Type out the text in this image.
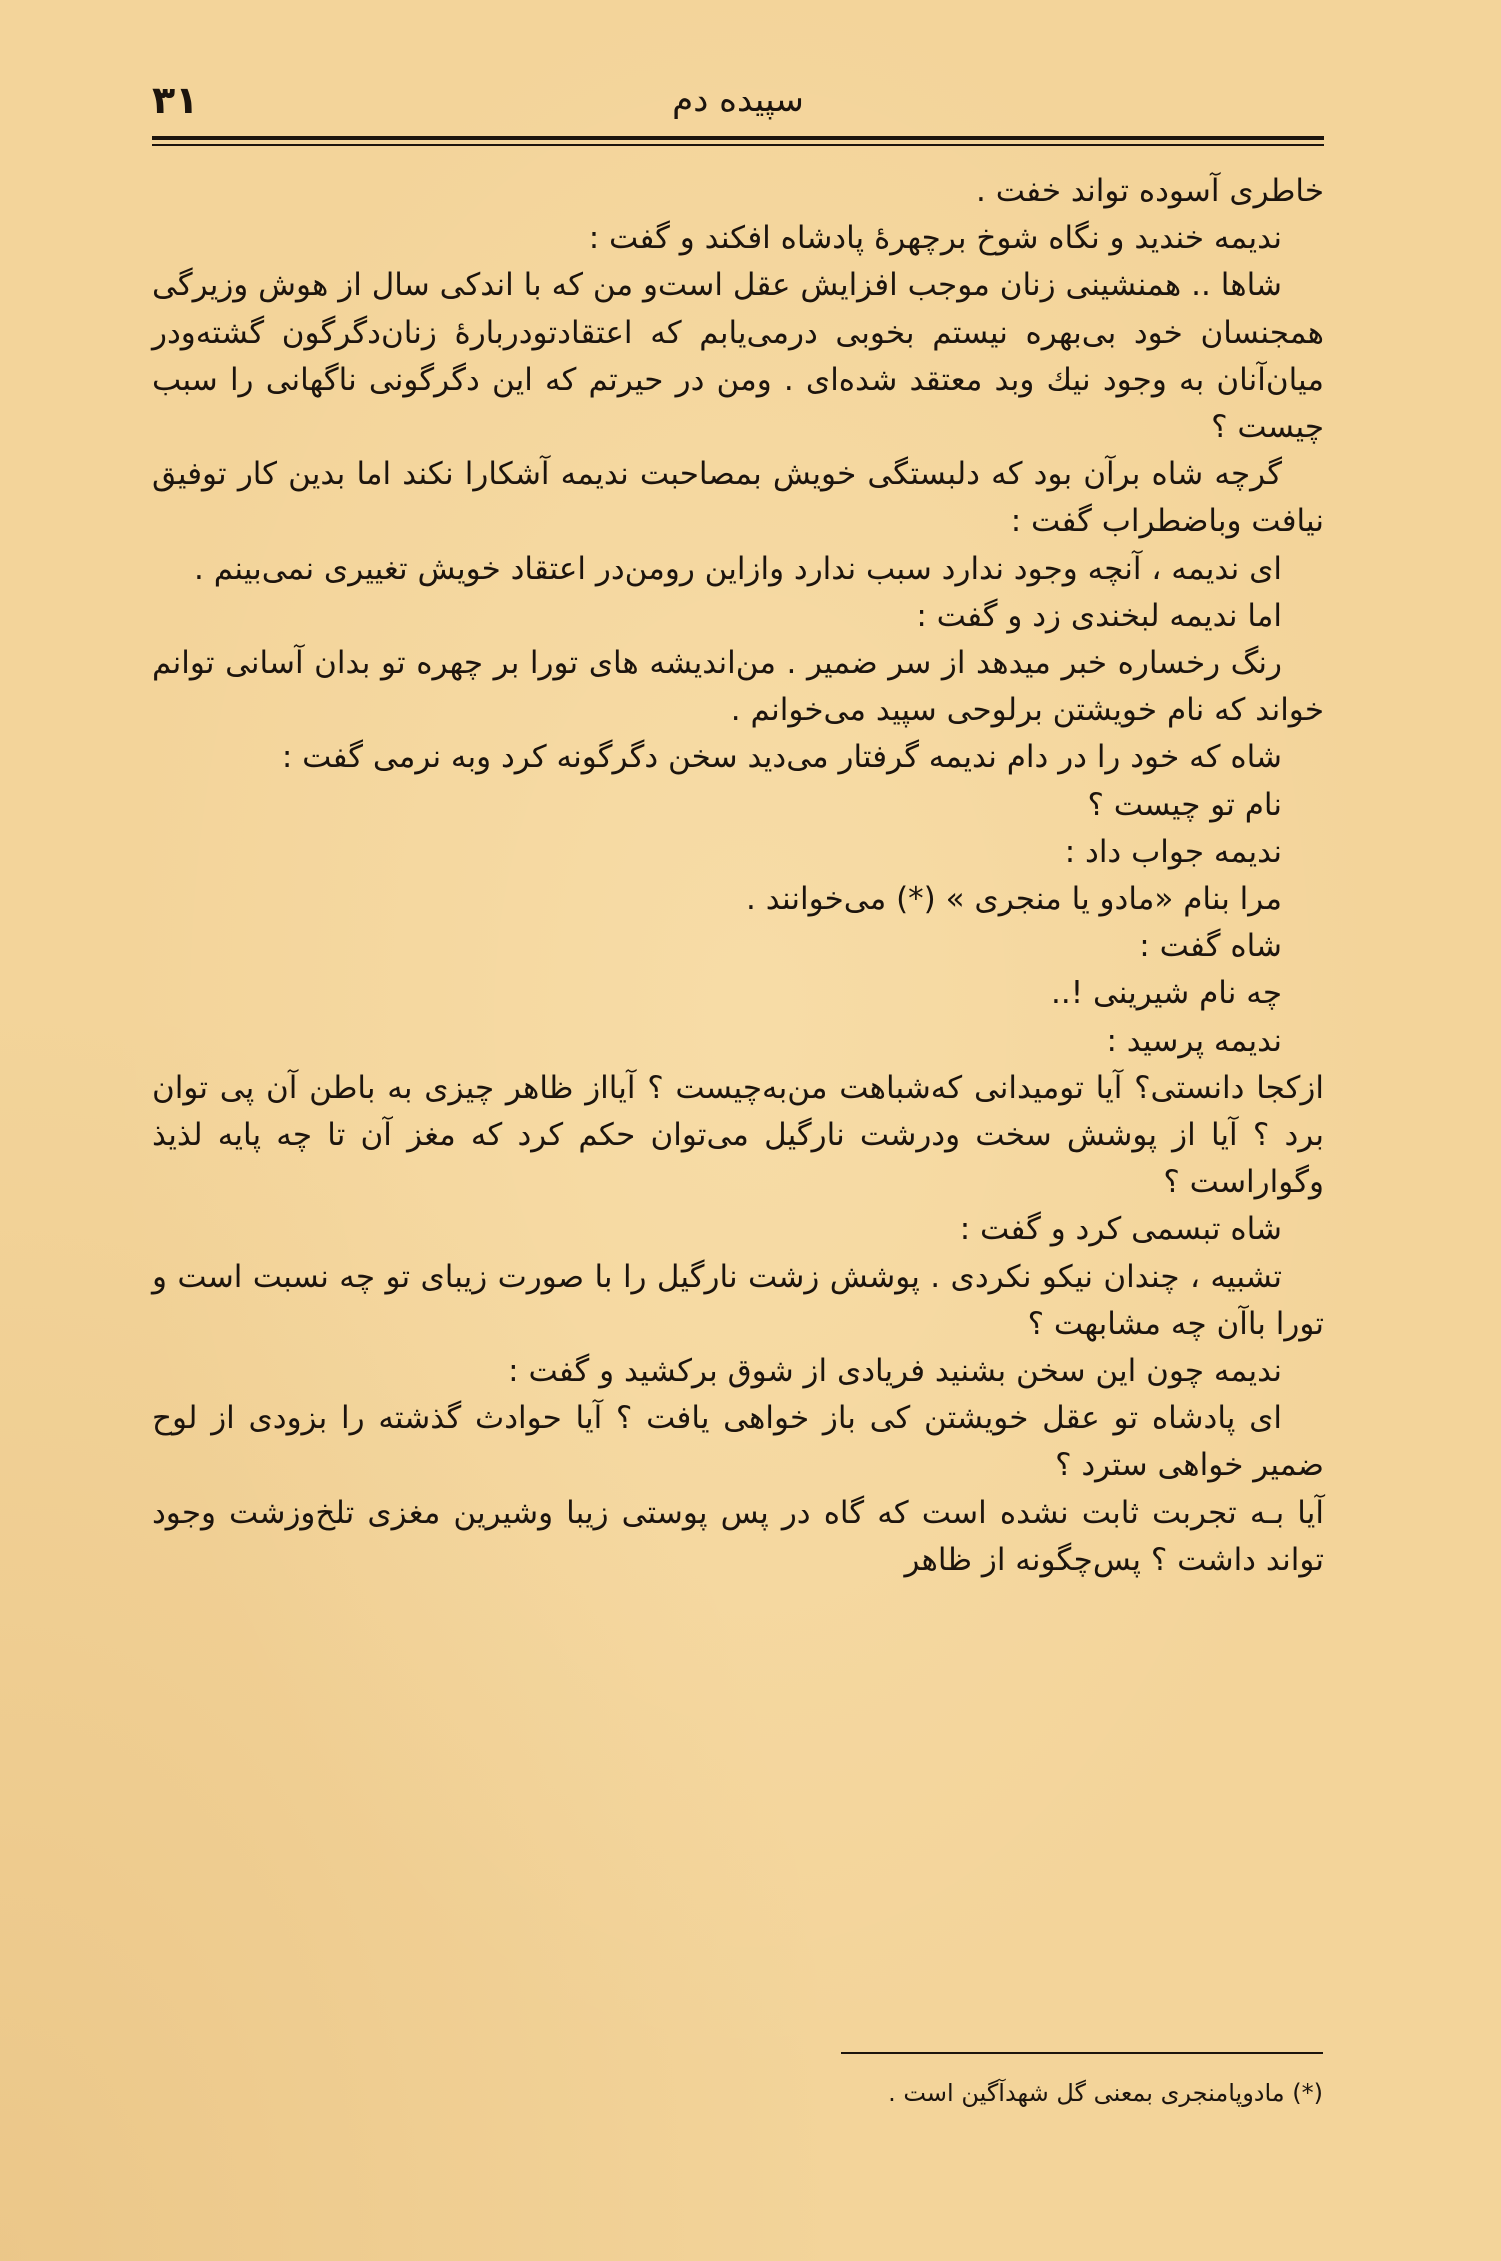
۳۱	سپیده دم

خاطری آسوده تواند خفت .

ندیمه خندید و نگاه شوخ برچهرهٔ پادشاه افکند و گفت :

شاها .. همنشینی زنان موجب افزایش عقل است‌و من که با اندکی سال از هوش وزیرگی همجنسان خود بی‌بهره نیستم بخوبی درمی‌یابم که اعتقادتودربارهٔ زنان‌دگرگون گشته‌ودر میان‌آنان به وجود نیك وبد معتقد شده‌ای . ومن در حیرتم که این دگرگونی ناگهانی را سبب چیست ؟

گرچه شاه برآن بود که دلبستگی خویش بمصاحبت ندیمه آشکارا نکند اما بدین کار توفیق نیافت وباضطراب گفت :

ای ندیمه ، آنچه وجود ندارد سبب ندارد وازاین رومن‌در اعتقاد خویش تغییری نمی‌بینم .

اما ندیمه لبخندی زد و گفت :

رنگ رخساره خبر میدهد از سر ضمیر . من‌اندیشه های تورا بر چهره تو بدان آسانی توانم خواند که نام خویشتن برلوحی سپید می‌خوانم .

شاه که خود را در دام ندیمه گرفتار می‌دید سخن دگرگونه کرد وبه نرمی گفت :

نام تو چیست ؟

ندیمه جواب داد :

مرا بنام «مادو یا منجری » (*) می‌خوانند .

شاه گفت :

چه نام شیرینی !..

ندیمه پرسید :

ازکجا دانستی؟ آیا تومیدانی که‌شباهت من‌به‌چیست ؟ آیااز ظاهر چیزی به باطن آن پی توان برد ؟ آیا از پوشش سخت ودرشت نارگیل می‌توان حکم کرد که مغز آن تا چه پایه لذیذ وگواراست ؟

شاه تبسمی کرد و گفت :

تشبیه ، چندان نیکو نکردی . پوشش زشت نارگیل را با صورت زیبای تو چه نسبت است و تورا باآن چه مشابهت ؟

ندیمه چون این سخن بشنید فریادی از شوق برکشید و گفت :

ای پادشاه تو عقل خویشتن کی باز خواهی یافت ؟ آیا حوادث گذشته را بزودی از لوح ضمیر خواهی سترد ؟

آیا بـه تجربت ثابت نشده است که گاه در پس پوستی زیبا وشیرین مغزی تلخ‌وزشت وجود تواند داشت ؟ پس‌چگونه از ظاهر

(*) مادوپامنجری بمعنی گل شهدآگین است .
